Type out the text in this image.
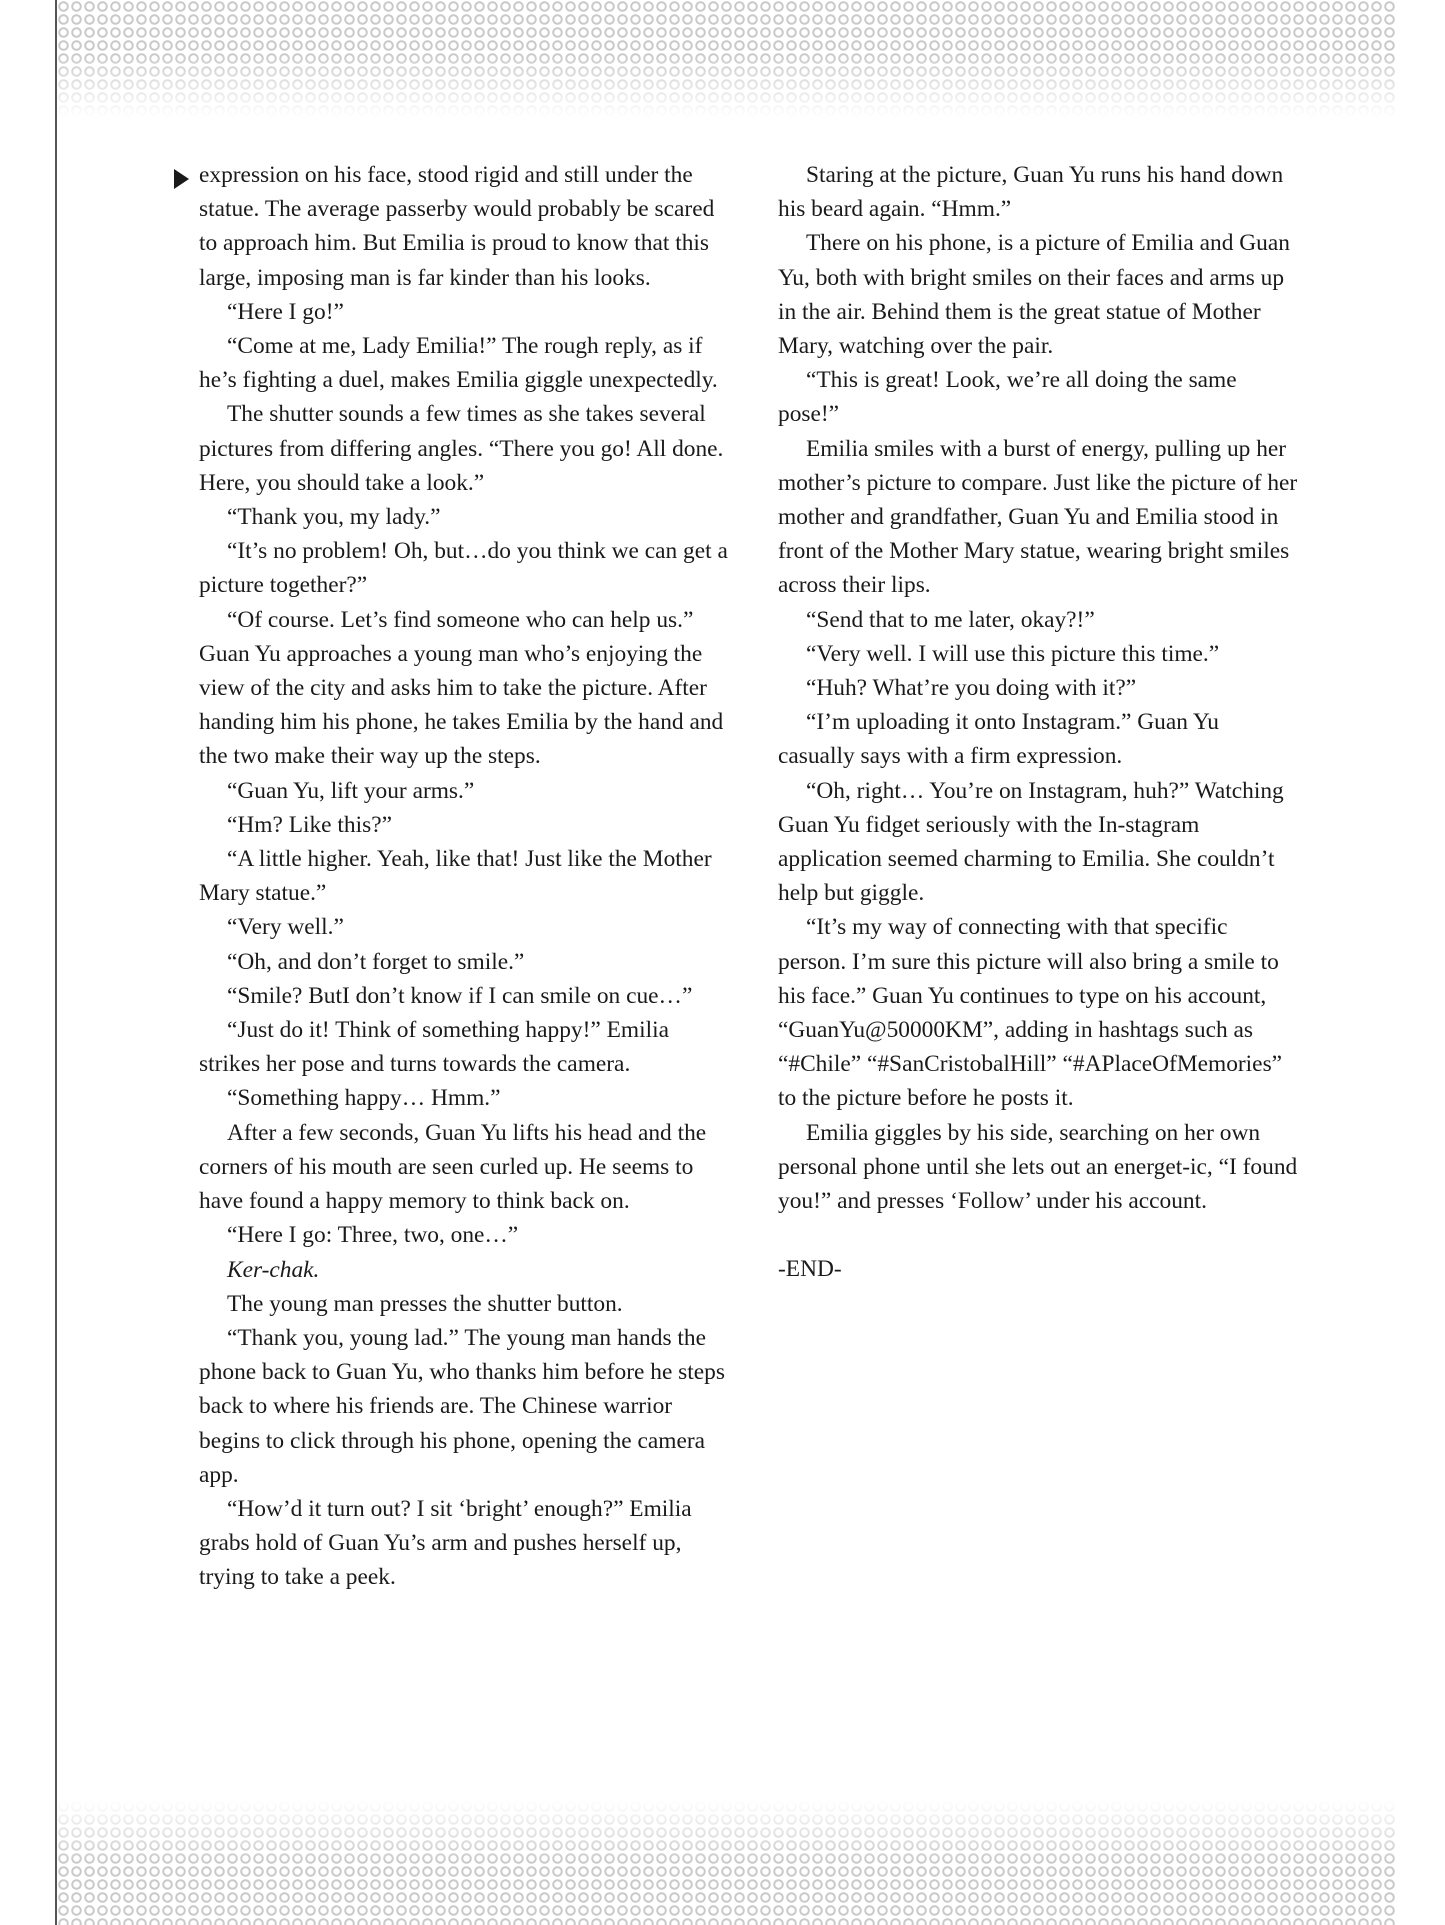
expression on his face, stood rigid and still under the statue. The average passerby would probably be scared to approach him. But Emilia is proud to know that this large, imposing man is far kinder than his looks.

“Here I go!”

“Come at me, Lady Emilia!” The rough reply, as if he’s fighting a duel, makes Emilia giggle unexpectedly.

The shutter sounds a few times as she takes several pictures from differing angles. “There you go! All done. Here, you should take a look.”

“Thank you, my lady.”

“It’s no problem! Oh, but…do you think we can get a picture together?”

“Of course. Let’s find someone who can help us.” Guan Yu approaches a young man who’s enjoying the view of the city and asks him to take the picture. After handing him his phone, he takes Emilia by the hand and the two make their way up the steps.

“Guan Yu, lift your arms.”

“Hm? Like this?”

“A little higher. Yeah, like that! Just like the Mother Mary statue.”

“Very well.”

“Oh, and don’t forget to smile.”

“Smile? ButI don’t know if I can smile on cue…”

“Just do it! Think of something happy!” Emilia strikes her pose and turns towards the camera.

“Something happy… Hmm.”

After a few seconds, Guan Yu lifts his head and the corners of his mouth are seen curled up. He seems to have found a happy memory to think back on.

“Here I go: Three, two, one…”

Ker-chak.

The young man presses the shutter button.

“Thank you, young lad.” The young man hands the phone back to Guan Yu, who thanks him before he steps back to where his friends are. The Chinese warrior begins to click through his phone, opening the camera app.

“How’d it turn out? I sit ‘bright’ enough?” Emilia grabs hold of Guan Yu’s arm and pushes herself up, trying to take a peek.

Staring at the picture, Guan Yu runs his hand down his beard again. “Hmm.”

There on his phone, is a picture of Emilia and Guan Yu, both with bright smiles on their faces and arms up in the air. Behind them is the great statue of Mother Mary, watching over the pair.

“This is great! Look, we’re all doing the same pose!”

Emilia smiles with a burst of energy, pulling up her mother’s picture to compare. Just like the picture of her mother and grandfather, Guan Yu and Emilia stood in front of the Mother Mary statue, wearing bright smiles across their lips.

“Send that to me later, okay?!”

“Very well. I will use this picture this time.”

“Huh? What’re you doing with it?”

“I’m uploading it onto Instagram.” Guan Yu casually says with a firm expression.

“Oh, right… You’re on Instagram, huh?” Watching Guan Yu fidget seriously with the In-stagram application seemed charming to Emilia. She couldn’t help but giggle.

“It’s my way of connecting with that specific person. I’m sure this picture will also bring a smile to his face.” Guan Yu continues to type on his account, “GuanYu@50000KM”, adding in hashtags such as “#Chile” “#SanCristobalHill” “#APlaceOfMemories” to the picture before he posts it.

Emilia giggles by his side, searching on her own personal phone until she lets out an energet-ic, “I found you!” and presses ‘Follow’ under his account.

-END-
